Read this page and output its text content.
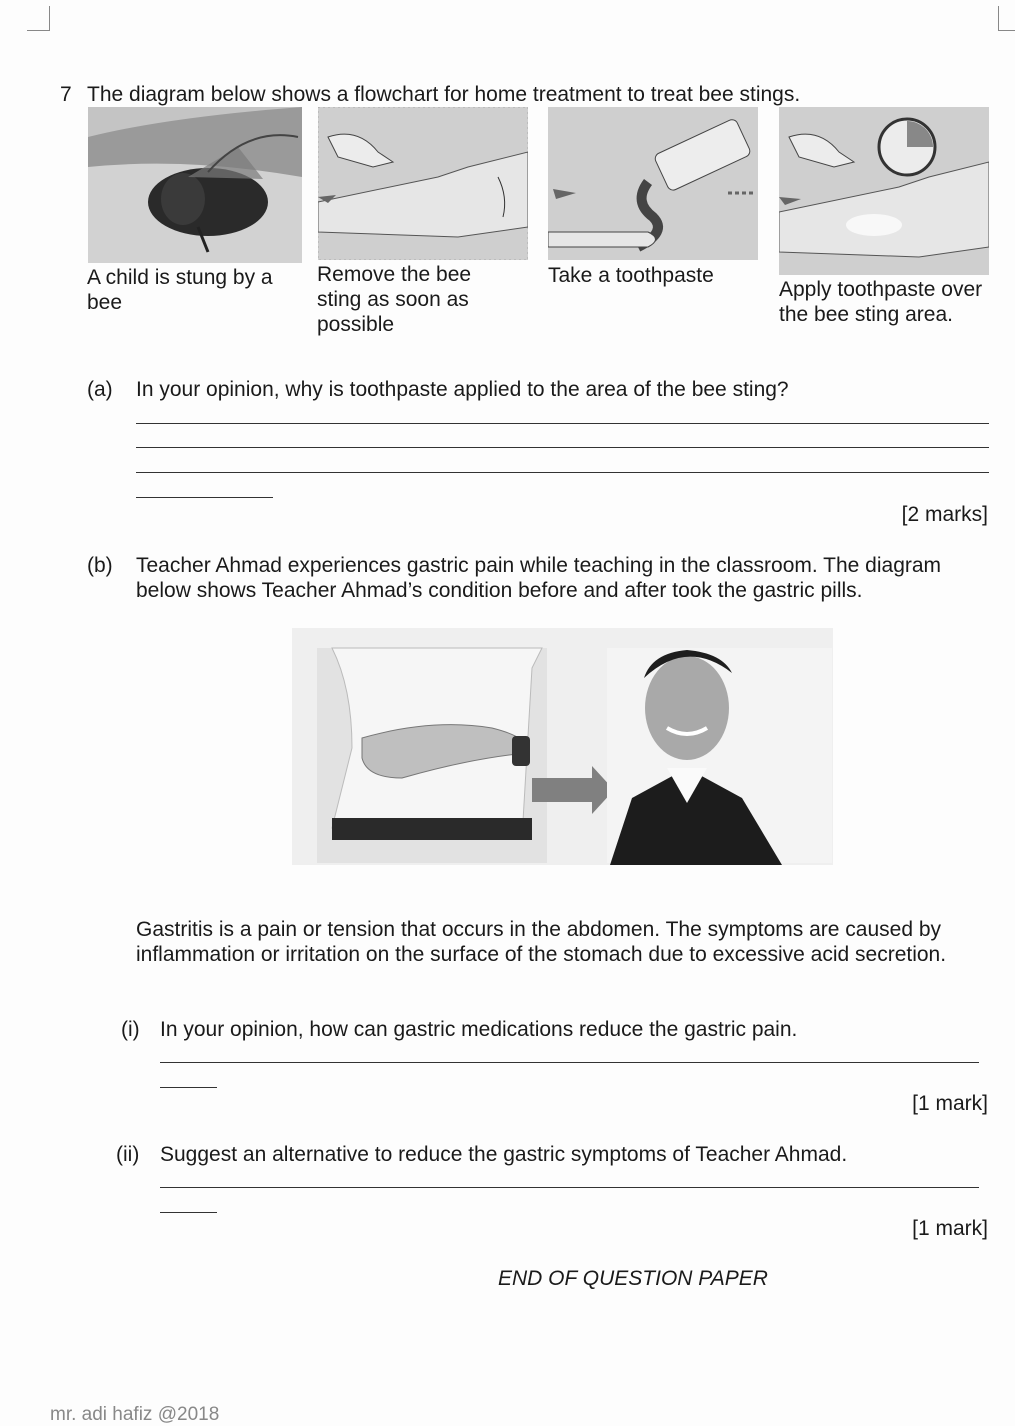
7 The diagram below shows a flowchart for home treatment to treat bee stings.
A child is stung by a bee
Remove the bee sting as soon as possible
Take a toothpaste
Apply toothpaste over the bee sting area.
(a) In your opinion, why is toothpaste applied to the area of the bee sting?
[2 marks]
(b) Teacher Ahmad experiences gastric pain while teaching in the classroom. The diagram below shows Teacher Ahmad’s condition before and after took the gastric pills.
Gastritis is a pain or tension that occurs in the abdomen. The symptoms are caused by inflammation or irritation on the surface of the stomach due to excessive acid secretion.
(i) In your opinion, how can gastric medications reduce the gastric pain.
[1 mark]
(ii) Suggest an alternative to reduce the gastric symptoms of Teacher Ahmad.
[1 mark]
END OF QUESTION PAPER
mr. adi hafiz @2018
